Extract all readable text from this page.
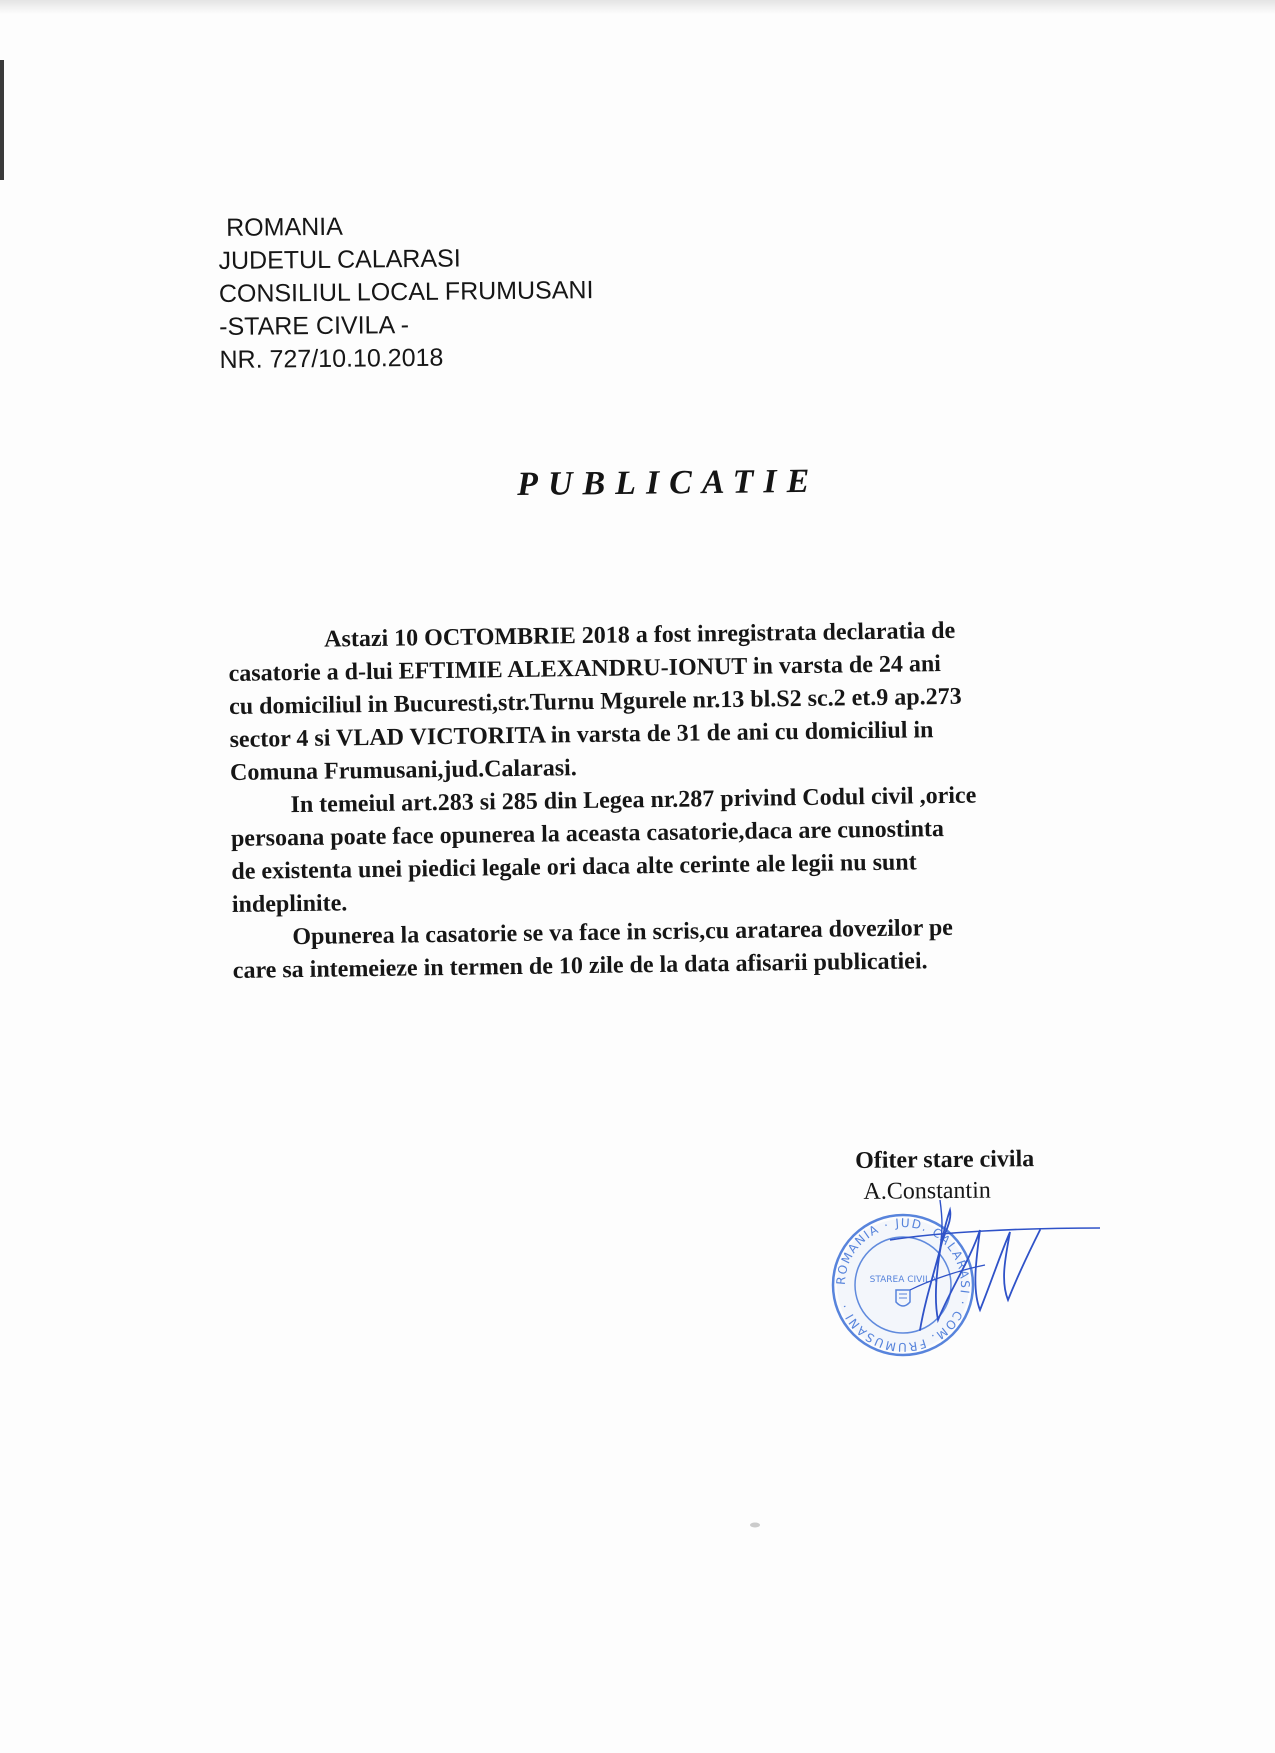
ROMANIA
JUDETUL CALARASI
CONSILIUL LOCAL FRUMUSANI
-STARE CIVILA -
NR. 727/10.10.2018
PUBLICATIE
Astazi 10 OCTOMBRIE 2018 a fost inregistrata declaratia de
casatorie a d-lui EFTIMIE ALEXANDRU-IONUT in varsta de 24 ani
cu domiciliul in Bucuresti,str.Turnu Mgurele nr.13 bl.S2 sc.2 et.9 ap.273
sector 4 si VLAD VICTORITA in varsta de 31 de ani cu domiciliul in
Comuna Frumusani,jud.Calarasi.
In temeiul art.283 si 285 din Legea nr.287 privind Codul civil ,orice
persoana poate face opunerea la aceasta casatorie,daca are cunostinta
de existenta unei piedici legale ori daca alte cerinte ale legii nu sunt
indeplinite.
Opunerea la casatorie se va face in scris,cu aratarea dovezilor pe
care sa intemeieze in termen de 10 zile de la data afisarii publicatiei.
Ofiter stare civila
A.Constantin
ROMANIA · JUD. CALARASI · COM. FRUMUSANI ·
STAREA CIVILA
